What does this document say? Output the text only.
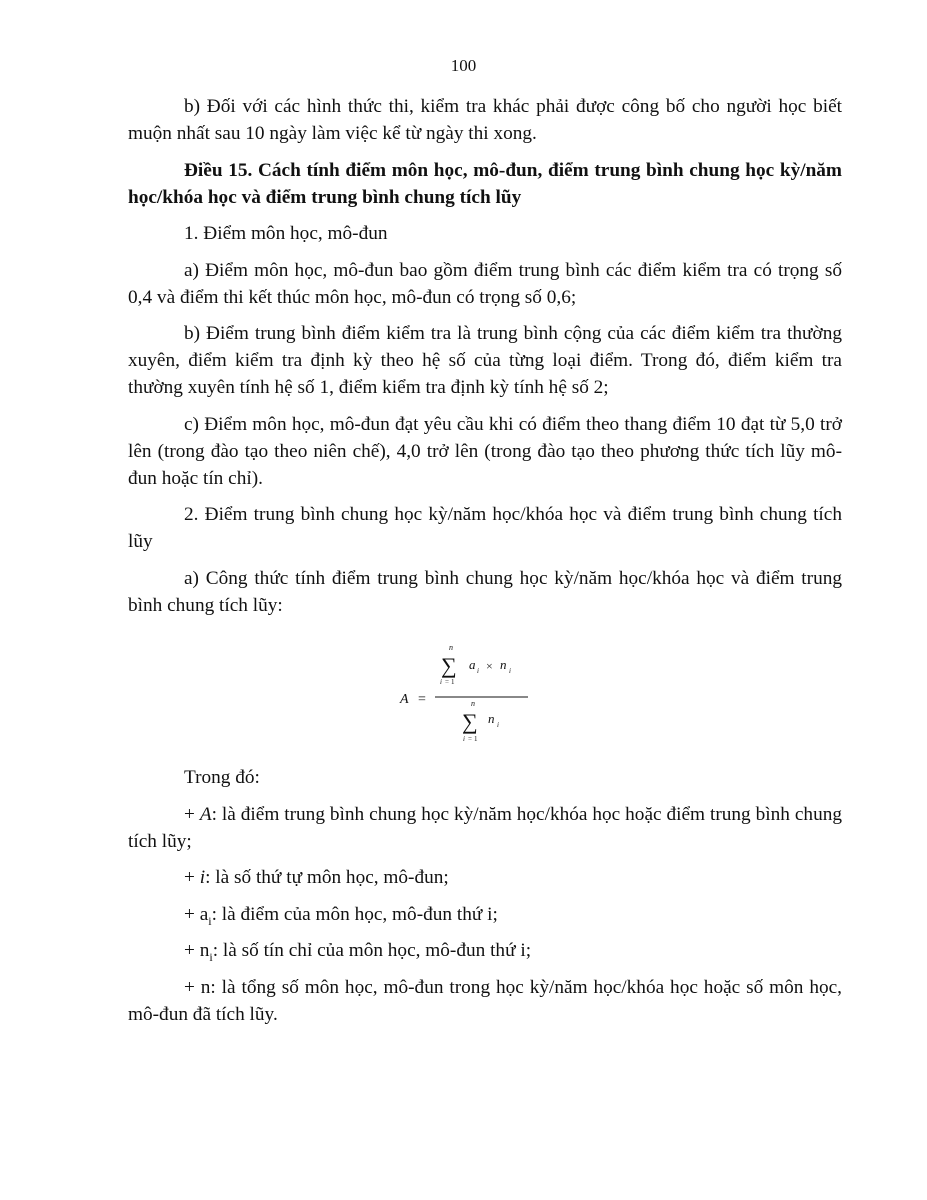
100

b) Đối với các hình thức thi, kiểm tra khác phải được công bố cho người học biết muộn nhất sau 10 ngày làm việc kể từ ngày thi xong.

Điều 15. Cách tính điểm môn học, mô-đun, điểm trung bình chung học kỳ/năm học/khóa học và điểm trung bình chung tích lũy

1. Điểm môn học, mô-đun

a) Điểm môn học, mô-đun bao gồm điểm trung bình các điểm kiểm tra có trọng số 0,4 và điểm thi kết thúc môn học, mô-đun có trọng số 0,6;

b) Điểm trung bình điểm kiểm tra là trung bình cộng của các điểm kiểm tra thường xuyên, điểm kiểm tra định kỳ theo hệ số của từng loại điểm. Trong đó, điểm kiểm tra thường xuyên tính hệ số 1, điểm kiểm tra định kỳ tính hệ số 2;

c) Điểm môn học, mô-đun đạt yêu cầu khi có điểm theo thang điểm 10 đạt từ 5,0 trở lên (trong đào tạo theo niên chế), 4,0 trở lên (trong đào tạo theo phương thức tích lũy mô-đun hoặc tín chỉ).

2. Điểm trung bình chung học kỳ/năm học/khóa học và điểm trung bình chung tích lũy

a) Công thức tính điểm trung bình chung học kỳ/năm học/khóa học và điểm trung bình chung tích lũy:

A =
n
∑
i = 1
a i × n i
n
∑
i = 1
n i

Trong đó:

+ A: là điểm trung bình chung học kỳ/năm học/khóa học hoặc điểm trung bình chung tích lũy;

+ i: là số thứ tự môn học, mô-đun;

+ $a_i$: là điểm của môn học, mô-đun thứ i;

+ $n_i$: là số tín chỉ của môn học, mô-đun thứ i;

+ n: là tổng số môn học, mô-đun trong học kỳ/năm học/khóa học hoặc số môn học, mô-đun đã tích lũy.
